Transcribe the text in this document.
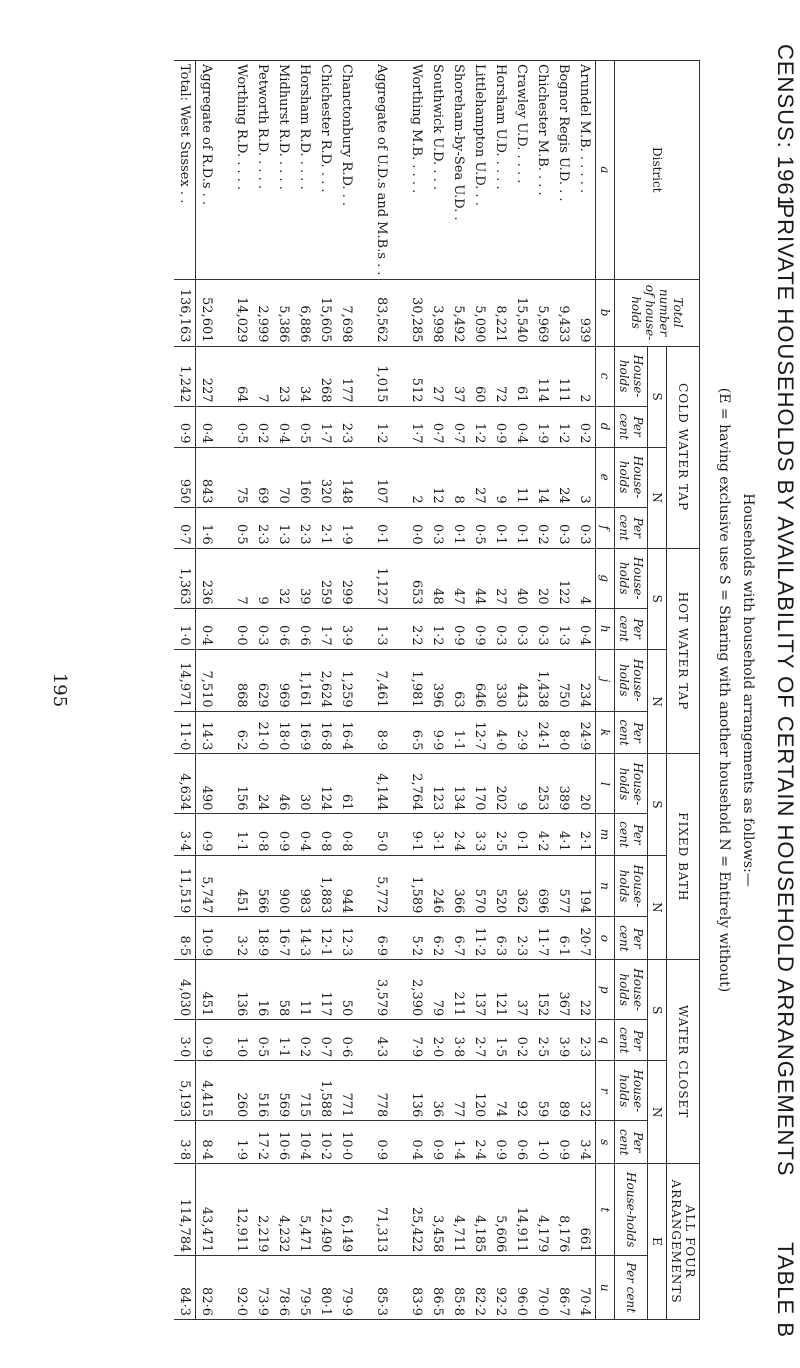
CENSUS: 1961
PRIVATE HOUSEHOLDS BY AVAILABILITY OF CERTAIN HOUSEHOLD ARRANGEMENTS
TABLE B
Households with household arrangements as follows:—
(E = having exclusive use S = Sharing with another household N = Entirely without)
District	Total number of house-holds	COLD WATER TAP				HOT WATER TAP				FIXED BATH				WATER CLOSET				ALL FOUR ARRANGEMENTS	
		S		N		S		N		S		N		S		N		E	
		House-holds	Per cent	House-holds	Per cent	House-holds	Per cent	House-holds	Per cent	House-holds	Per cent	House-holds	Per cent	House-holds	Per cent	House-holds	Per cent	House-holds	Per cent
a	b	c	d	e	f	g	h	j	k	l	m	n	o	p	q	r	s	t	u
Arundel M.B. . . . . .	939	2	0·2	3	0·3	4	0·4	234	24·9	20	2·1	194	20·7	22	2·3	32	3·4	661	70·4
Bognor Regis U.D. . .	9,433	111	1·2	24	0·3	122	1·3	750	8·0	389	4·1	577	6·1	367	3·9	89	0·9	8,176	86·7
Chichester M.B. . . .	5,969	114	1·9	14	0·2	20	0·3	1,438	24·1	253	4·2	696	11·7	152	2·5	59	1·0	4,179	70·0
Crawley U.D. . . . .	15,540	61	0·4	11	0·1	40	0·3	443	2·9	9	0·1	362	2·3	37	0·2	92	0·6	14,911	96·0
Horsham U.D. . . . .	8,221	72	0·9	9	0·1	27	0·3	330	4·0	202	2·5	520	6·3	121	1·5	74	0·9	5,606	92·2
Littlehampton U.D. . .	5,090	60	1·2	27	0·5	44	0·9	646	12·7	170	3·3	570	11·2	137	2·7	120	2·4	4,185	82·2
Shoreham-by-Sea U.D. .	5,492	37	0·7	8	0·1	47	0·9	63	1·1	134	2·4	366	6·7	211	3·8	77	1·4	4,711	85·8
Southwick U.D. . . .	3,998	27	0·7	12	0·3	48	1·2	396	9·9	123	3·1	246	6·2	79	2·0	36	0·9	3,458	86·5
Worthing M.B. . . . .	30,285	512	1·7	2	0·0	653	2·2	1,981	6·5	2,764	9·1	1,589	5·2	2,390	7·9	136	0·4	25,422	83·9

Aggregate of U.D.s and M.B.s . .	83,562	1,015	1·2	107	0·1	1,127	1·3	7,461	8·9	4,144	5·0	5,772	6·9	3,579	4·3	778	0·9	71,313	85·3

Chanctonbury R.D. . .	7,698	177	2·3	148	1·9	299	3·9	1,259	16·4	61	0·8	944	12·3	50	0·6	771	10·0	6,149	79·9
Chichester R.D. . . .	15,605	268	1·7	320	2·1	259	1·7	2,624	16·8	124	0·8	1,883	12·1	117	0·7	1,588	10·2	12,490	80·1
Horsham R.D. . . . .	6,886	34	0·5	160	2·3	39	0·6	1,161	16·9	30	0·4	983	14·3	11	0·2	715	10·4	5,471	79·5
Midhurst R.D. . . . .	5,386	23	0·4	70	1·3	32	0·6	969	18·0	46	0·9	900	16·7	58	1·1	569	10·6	4,232	78·6
Petworth R.D. . . . .	2,999	7	0·2	69	2·3	9	0·3	629	21·0	24	0·8	566	18·9	16	0·5	516	17·2	2,219	73·9
Worthing R.D. . . . .	14,029	64	0·5	75	0·5	7	0·0	868	6·2	156	1·1	451	3·2	136	1·0	260	1·9	12,911	92·0

Aggregate of R.D.s . .	52,601	227	0·4	843	1·6	236	0·4	7,510	14·3	490	0·9	5,747	10·9	451	0·9	4,415	8·4	43,471	82·6
Total: West Sussex . .	136,163	1,242	0·9	950	0·7	1,363	1·0	14,971	11·0	4,634	3·4	11,519	8·5	4,030	3·0	5,193	3·8	114,784	84·3
195
